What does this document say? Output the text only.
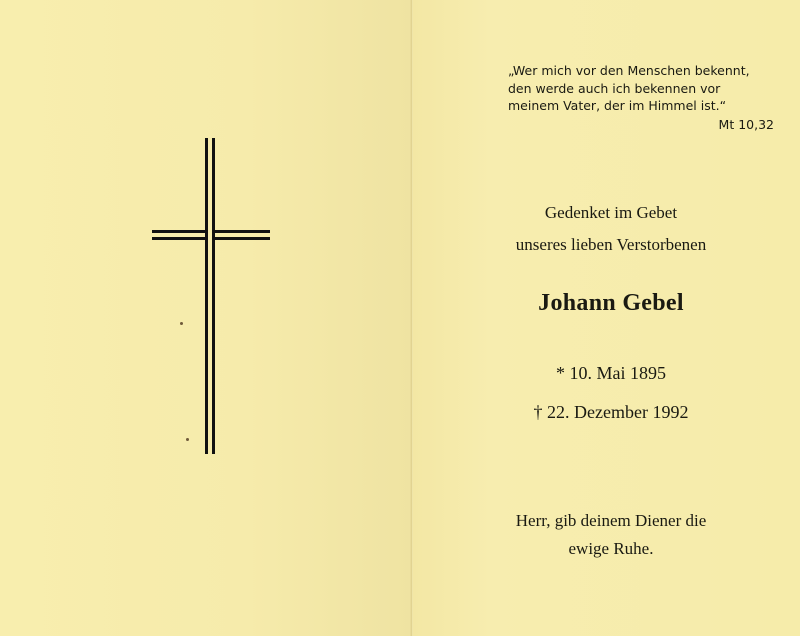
„Wer mich vor den Menschen bekennt,
den werde auch ich bekennen vor
meinem Vater, der im Himmel ist.“
Mt 10,32
Gedenket im Gebet
unseres lieben Verstorbenen
Johann Gebel
* 10. Mai 1895
† 22. Dezember 1992
Herr, gib deinem Diener die
ewige Ruhe.
